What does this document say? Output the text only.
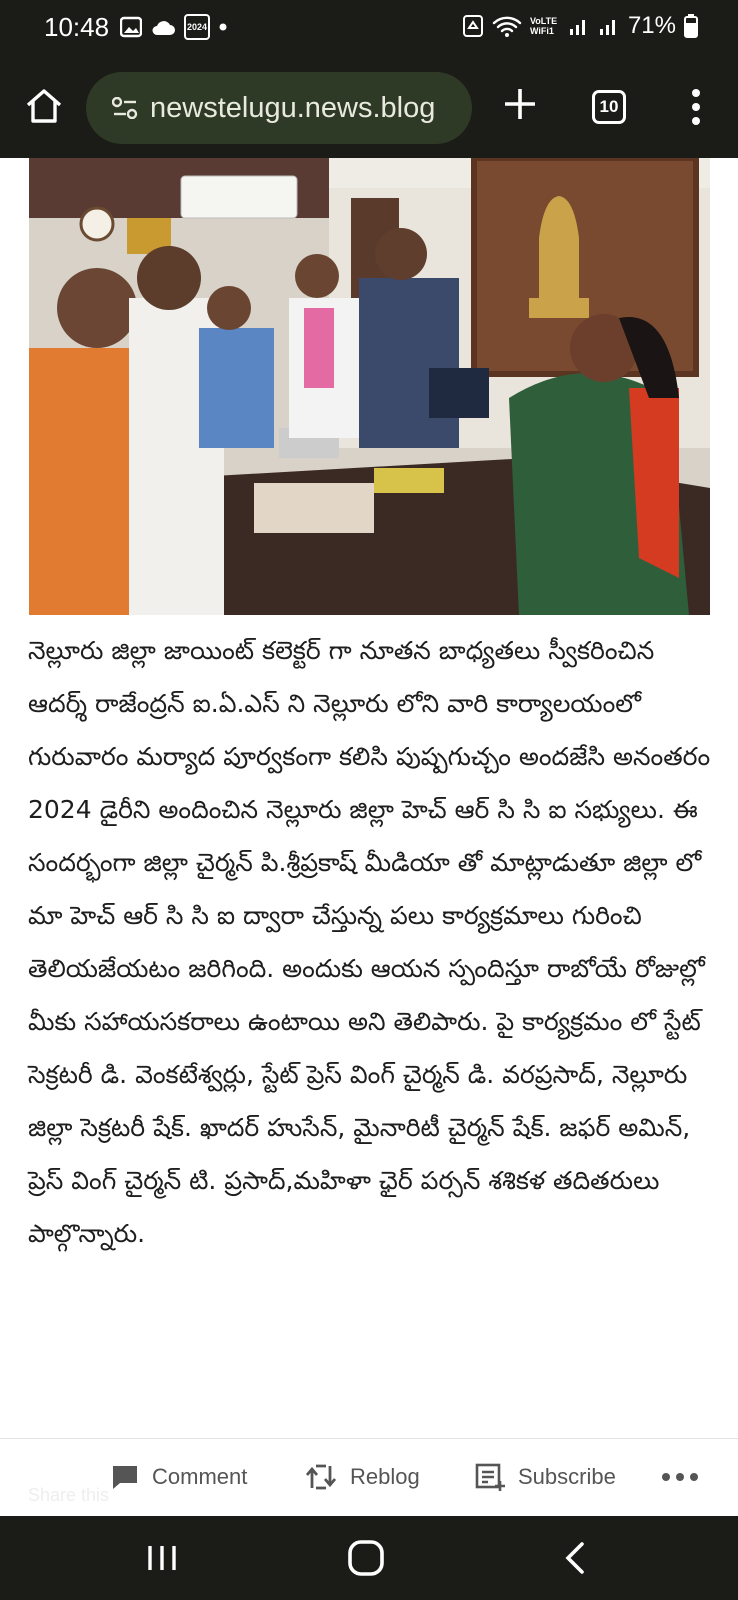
10:48	2024
VoLTE WiFi1	71%
newstelugu.news.blog	10

నెల్లూరు జిల్లా జాయింట్ కలెక్టర్ గా నూతన బాధ్యతలు స్వీకరించిన ఆదర్శ్ రాజేంద్రన్ ఐ.ఏ.ఎస్ ని నెల్లూరు లోని వారి కార్యాలయంలో గురువారం మర్యాద పూర్వకంగా కలిసి పుష్పగుచ్చం అందజేసి అనంతరం 2024 డైరీని అందించిన నెల్లూరు జిల్లా హెచ్ ఆర్ సి సి ఐ సభ్యులు. ఈ సందర్భంగా జిల్లా చైర్మన్ పి.శ్రీప్రకాష్ మీడియా తో మాట్లాడుతూ జిల్లా లో మా హెచ్ ఆర్ సి సి ఐ ద్వారా చేస్తున్న పలు కార్యక్రమాలు గురించి తెలియజేయటం జరిగింది. అందుకు ఆయన స్పందిస్తూ రాబోయే రోజుల్లో మీకు సహాయసకరాలు ఉంటాయి అని తెలిపారు. పై కార్యక్రమం లో స్టేట్ సెక్రటరీ డి. వెంకటేశ్వర్లు, స్టేట్ ప్రెస్ వింగ్ చైర్మన్ డి. వరప్రసాద్, నెల్లూరు జిల్లా సెక్రటరీ షేక్. ఖాదర్ హుసేన్, మైనారిటీ చైర్మన్ షేక్. జఫర్ అమిన్, ప్రెస్ వింగ్ చైర్మన్ టి. ప్రసాద్,మహిళా ఛైర్ పర్సన్ శశికళ తదితరులు పాల్గొన్నారు.

Share this
Comment	Reblog	Subscribe
